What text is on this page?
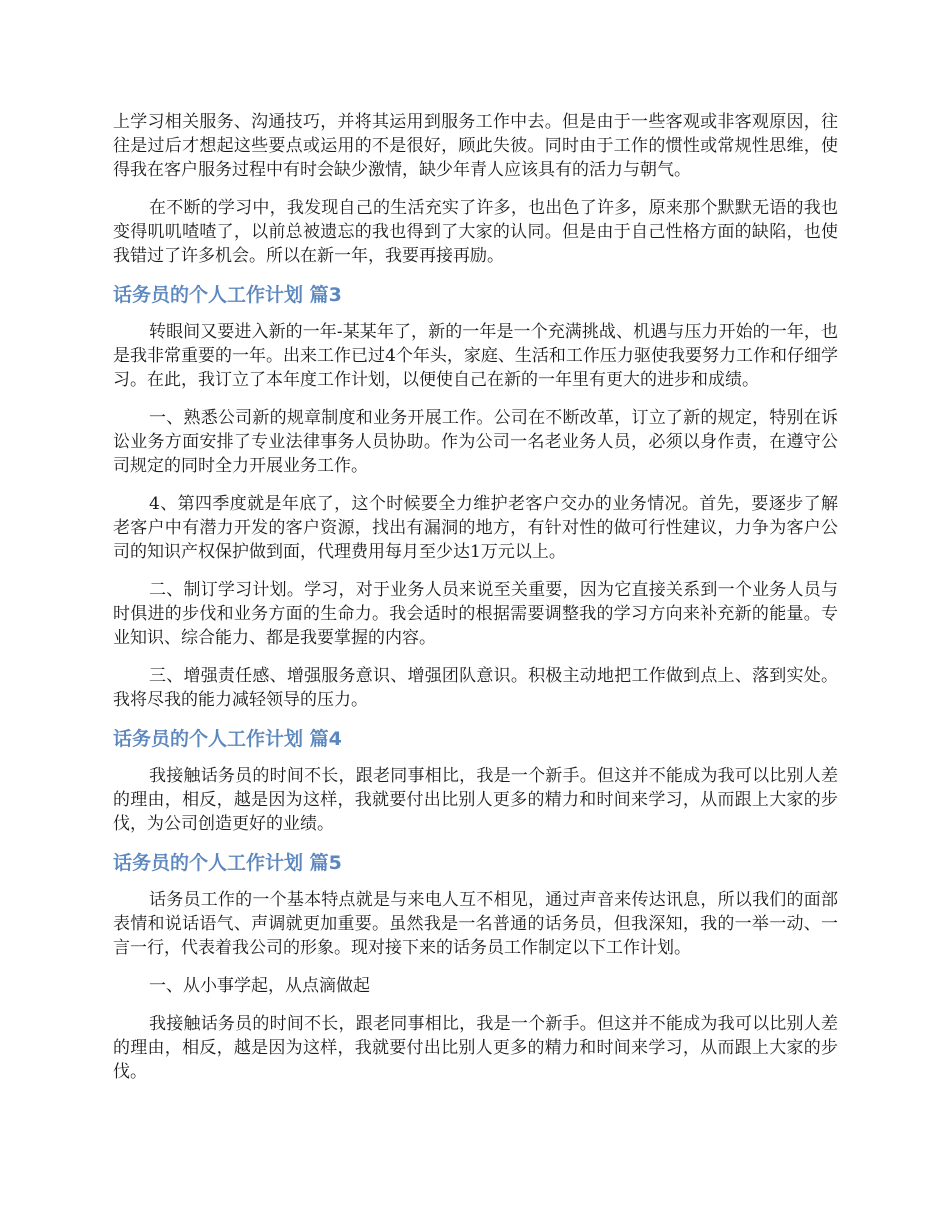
上学习相关服务、沟通技巧，并将其运用到服务工作中去。但是由于一些客观或非客观原因，往往是过后才想起这些要点或运用的不是很好，顾此失彼。同时由于工作的惯性或常规性思维，使得我在客户服务过程中有时会缺少激情，缺少年青人应该具有的活力与朝气。

在不断的学习中，我发现自己的生活充实了许多，也出色了许多，原来那个默默无语的我也变得叽叽喳喳了，以前总被遗忘的我也得到了大家的认同。但是由于自己性格方面的缺陷，也使我错过了许多机会。所以在新一年，我要再接再励。

话务员的个人工作计划 篇3

转眼间又要进入新的一年-某某年了，新的一年是一个充满挑战、机遇与压力开始的一年，也是我非常重要的一年。出来工作已过4个年头，家庭、生活和工作压力驱使我要努力工作和仔细学习。在此，我订立了本年度工作计划，以便使自己在新的一年里有更大的进步和成绩。

一、熟悉公司新的规章制度和业务开展工作。公司在不断改革，订立了新的规定，特别在诉讼业务方面安排了专业法律事务人员协助。作为公司一名老业务人员，必须以身作责，在遵守公司规定的同时全力开展业务工作。

4、第四季度就是年底了，这个时候要全力维护老客户交办的业务情况。首先，要逐步了解老客户中有潜力开发的客户资源，找出有漏洞的地方，有针对性的做可行性建议，力争为客户公司的知识产权保护做到面，代理费用每月至少达1万元以上。

二、制订学习计划。学习，对于业务人员来说至关重要，因为它直接关系到一个业务人员与时俱进的步伐和业务方面的生命力。我会适时的根据需要调整我的学习方向来补充新的能量。专业知识、综合能力、都是我要掌握的内容。

三、增强责任感、增强服务意识、增强团队意识。积极主动地把工作做到点上、落到实处。我将尽我的能力减轻领导的压力。

话务员的个人工作计划 篇4

我接触话务员的时间不长，跟老同事相比，我是一个新手。但这并不能成为我可以比别人差的理由，相反，越是因为这样，我就要付出比别人更多的精力和时间来学习，从而跟上大家的步伐，为公司创造更好的业绩。

话务员的个人工作计划 篇5

话务员工作的一个基本特点就是与来电人互不相见，通过声音来传达讯息，所以我们的面部表情和说话语气、声调就更加重要。虽然我是一名普通的话务员，但我深知，我的一举一动、一言一行，代表着我公司的形象。现对接下来的话务员工作制定以下工作计划。

一、从小事学起，从点滴做起

我接触话务员的时间不长，跟老同事相比，我是一个新手。但这并不能成为我可以比别人差的理由，相反，越是因为这样，我就要付出比别人更多的精力和时间来学习，从而跟上大家的步伐。
